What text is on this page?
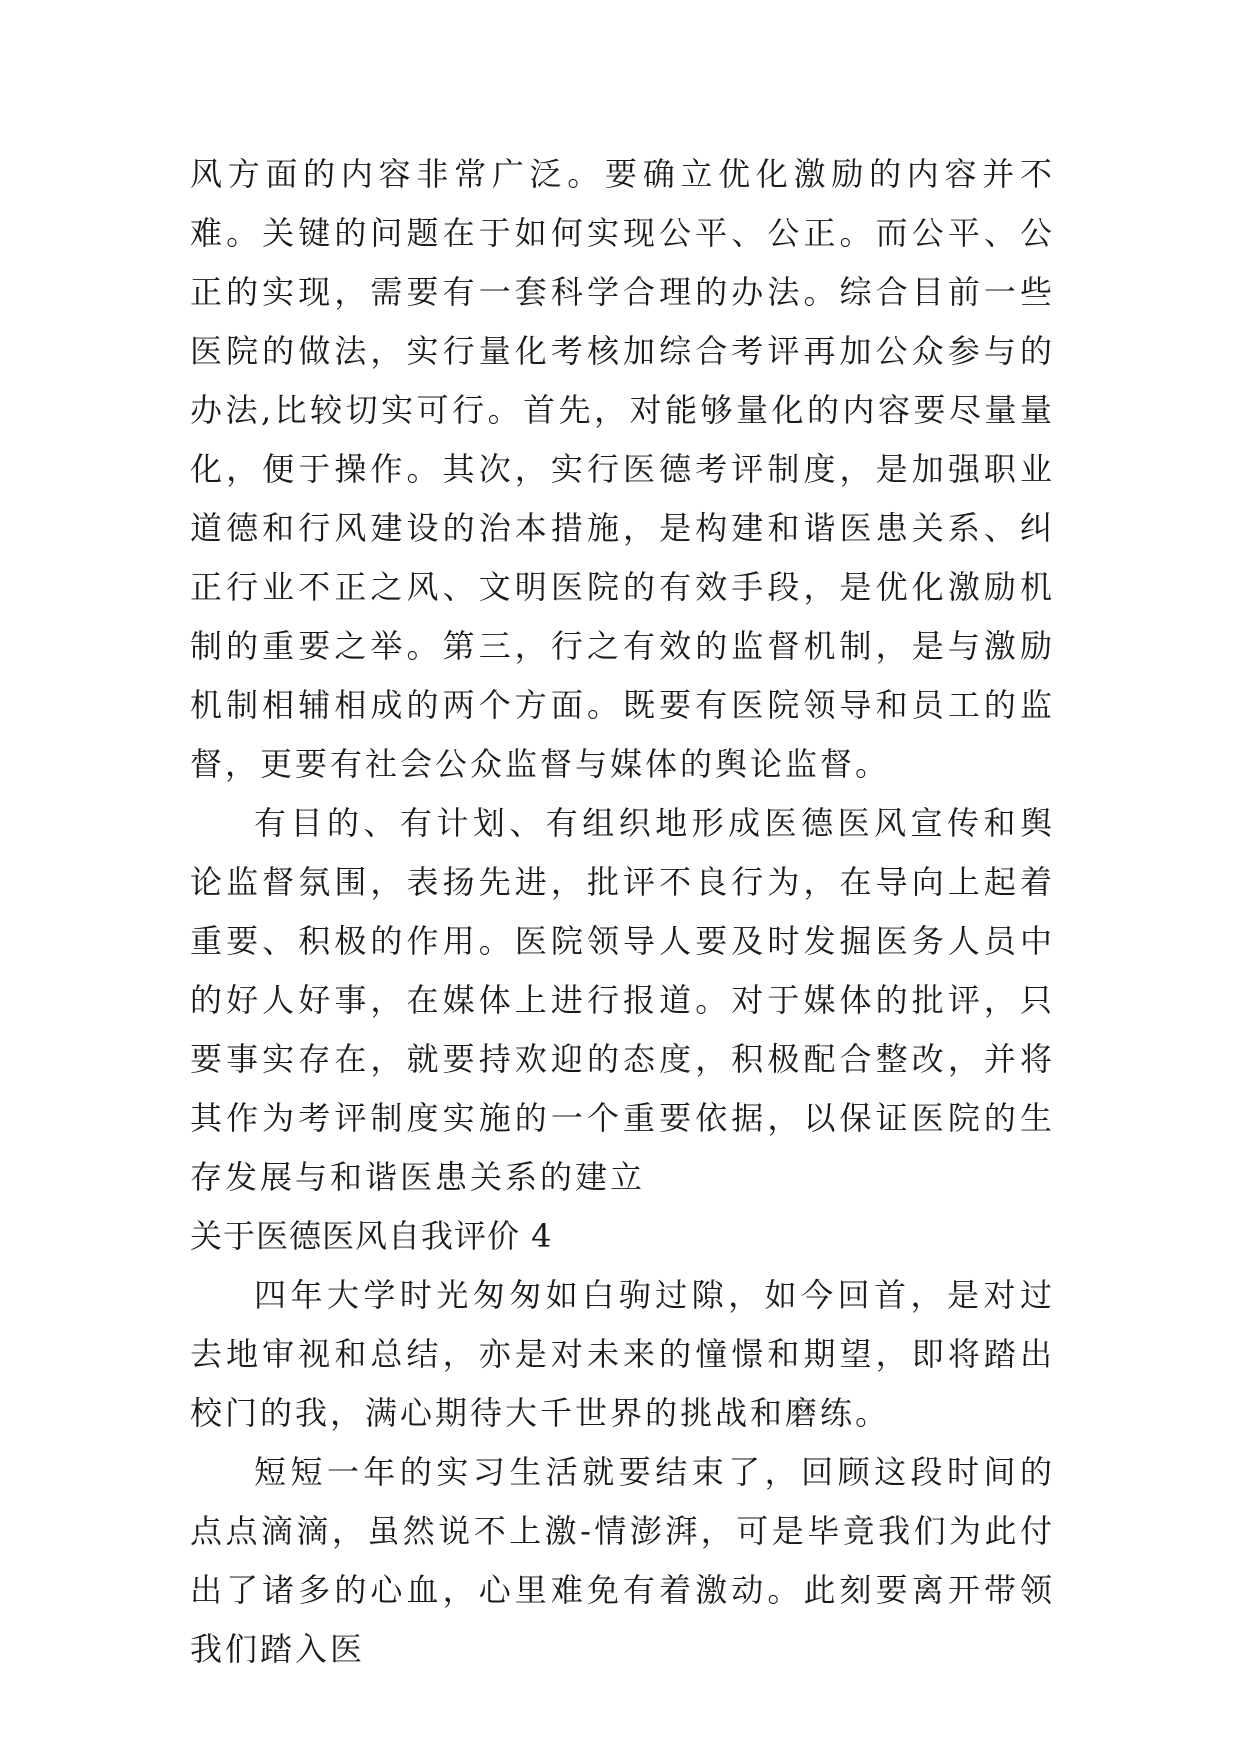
风方面的内容非常广泛。要确立优化激励的内容并不难。关键的问题在于如何实现公平、公正。而公平、公正的实现，需要有一套科学合理的办法。综合目前一些医院的做法，实行量化考核加综合考评再加公众参与的办法,比较切实可行。首先，对能够量化的内容要尽量量化，便于操作。其次，实行医德考评制度，是加强职业道德和行风建设的治本措施，是构建和谐医患关系、纠正行业不正之风、文明医院的有效手段，是优化激励机制的重要之举。第三，行之有效的监督机制，是与激励机制相辅相成的两个方面。既要有医院领导和员工的监督，更要有社会公众监督与媒体的舆论监督。

有目的、有计划、有组织地形成医德医风宣传和舆论监督氛围，表扬先进，批评不良行为，在导向上起着重要、积极的作用。医院领导人要及时发掘医务人员中的好人好事，在媒体上进行报道。对于媒体的批评，只要事实存在，就要持欢迎的态度，积极配合整改，并将其作为考评制度实施的一个重要依据，以保证医院的生存发展与和谐医患关系的建立

关于医德医风自我评价 4

四年大学时光匆匆如白驹过隙，如今回首，是对过去地审视和总结，亦是对未来的憧憬和期望，即将踏出校门的我，满心期待大千世界的挑战和磨练。

短短一年的实习生活就要结束了，回顾这段时间的点点滴滴，虽然说不上激-情澎湃，可是毕竟我们为此付出了诸多的心血，心里难免有着激动。此刻要离开带领我们踏入医
